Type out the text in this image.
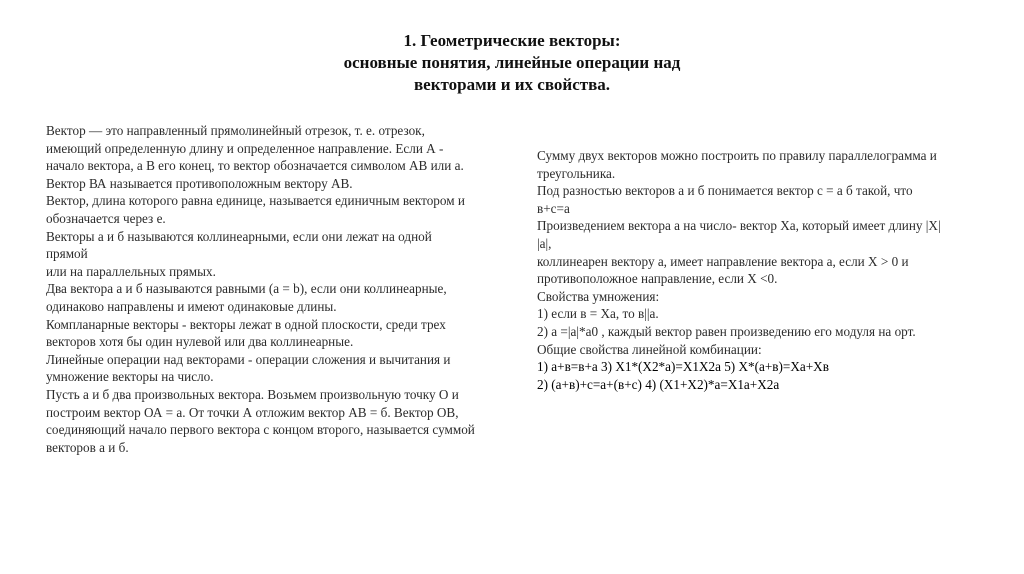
1. Геометрические векторы:
основные понятия, линейные операции над
векторами и их свойства.
Вектор — это направленный прямолинейный отрезок, т. е. отрезок,
имеющий определенную длину и определенное направление. Если А -
начало вектора, а В его конец, то вектор обозначается символом АВ или а.
Вектор ВА называется противоположным вектору АВ.
Вектор, длина которого равна единице, называется единичным вектором и
обозначается через е.
Векторы а и б называются коллинеарными, если они лежат на одной
прямой
или на параллельных прямых.
Два вектора а и б называются равными (a = b), если они коллинеарные,
одинаково направлены и имеют одинаковые длины.
Компланарные векторы - векторы лежат в одной плоскости, среди трех
векторов хотя бы один нулевой или два коллинеарные.
Линейные операции над векторами - операции сложения и вычитания и
умножение векторы на число.
Пусть а и б два произвольных вектора. Возьмем произвольную точку О и
построим вектор ОА = а. От точки А отложим вектор АВ = б. Вектор ОВ,
соединяющий начало первого вектора с концом второго, называется суммой
векторов а и б.
Сумму двух векторов можно построить по правилу параллелограмма и
треугольника.
Под разностью векторов а и б понимается вектор с = а б такой, что
в+с=а
Произведением вектора а на число- вектор Ха, который имеет длину |Х|
|а|,
коллинеарен вектору а, имеет направление вектора а, если Х > 0 и
противоположное направление, если Х <0.
Свойства умножения:
1) если в = Ха, то в||а.
2) а =|а|*а0 , каждый вектор равен произведению его модуля на орт.
Общие свойства линейной комбинации:
1) а+в=в+а 3) Х1*(Х2*а)=Х1Х2а 5) Х*(а+в)=Ха+Хв
2) (а+в)+с=а+(в+с) 4) (Х1+Х2)*а=Х1а+Х2а
